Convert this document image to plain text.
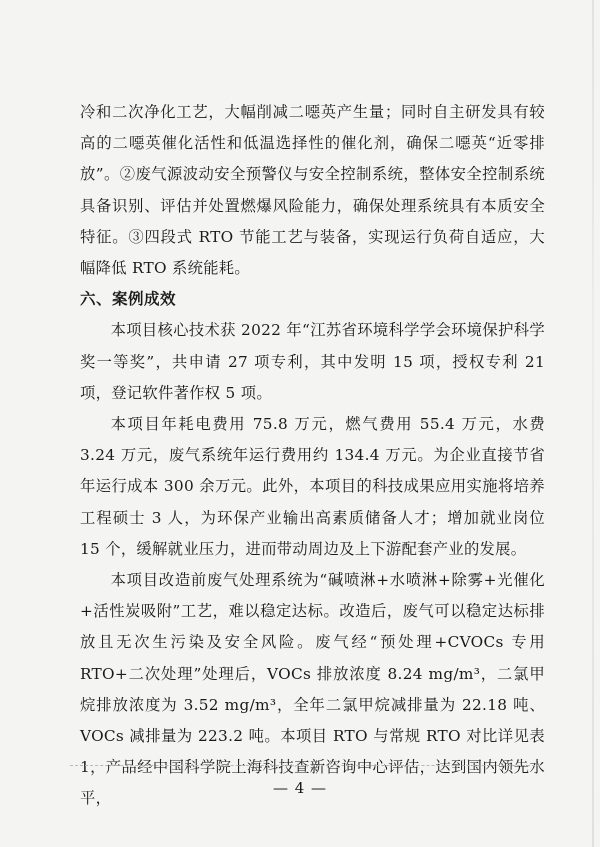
冷和二次净化工艺，大幅削减二噁英产生量；同时自主研发具有较高的二噁英催化活性和低温选择性的催化剂，确保二噁英“近零排放”。②废气源波动安全预警仪与安全控制系统，整体安全控制系统具备识别、评估并处置燃爆风险能力，确保处理系统具有本质安全特征。③四段式 RTO 节能工艺与装备，实现运行负荷自适应，大幅降低 RTO 系统能耗。

六、案例成效

本项目核心技术获 2022 年“江苏省环境科学学会环境保护科学奖一等奖”，共申请 27 项专利，其中发明 15 项，授权专利 21 项，登记软件著作权 5 项。

本项目年耗电费用 75.8 万元，燃气费用 55.4 万元，水费 3.24 万元，废气系统年运行费用约 134.4 万元。为企业直接节省年运行成本 300 余万元。此外，本项目的科技成果应用实施将培养工程硕士 3 人，为环保产业输出高素质储备人才；增加就业岗位 15 个，缓解就业压力，进而带动周边及上下游配套产业的发展。

本项目改造前废气处理系统为“碱喷淋+水喷淋+除雾+光催化+活性炭吸附”工艺，难以稳定达标。改造后，废气可以稳定达标排放且无次生污染及安全风险。废气经“预处理+CVOCs 专用 RTO+二次处理”处理后，VOCs 排放浓度 8.24 mg/m³，二氯甲烷排放浓度为 3.52 mg/m³，全年二氯甲烷减排量为 22.18 吨、VOCs 减排量为 223.2 吨。本项目 RTO 与常规 RTO 对比详见表 1，产品经中国科学院上海科技查新咨询中心评估，达到国内领先水平，

— 4 —
